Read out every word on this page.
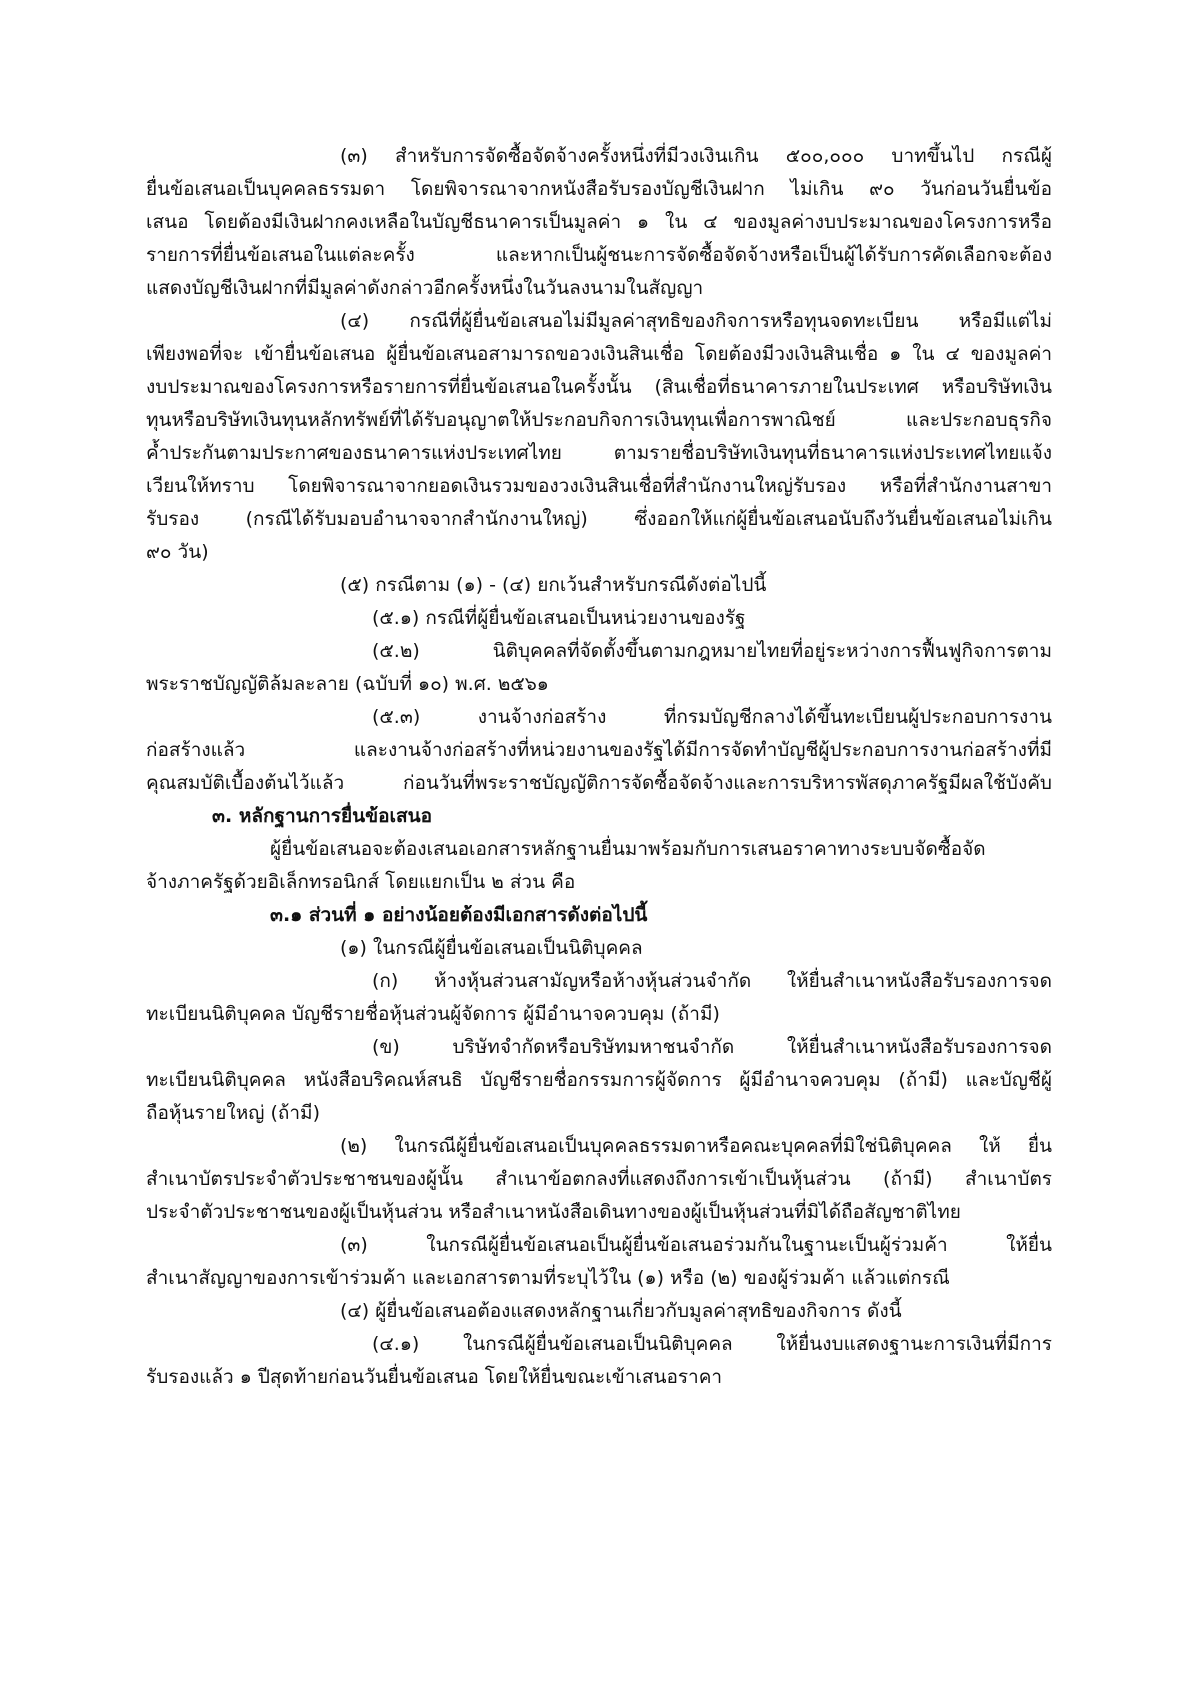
(๓) สำหรับการจัดซื้อจัดจ้างครั้งหนึ่งที่มีวงเงินเกิน ๕๐๐,๐๐๐ บาทขึ้นไป กรณีผู้
ยื่นข้อเสนอเป็นบุคคลธรรมดา โดยพิจารณาจากหนังสือรับรองบัญชีเงินฝาก ไม่เกิน ๙๐ วันก่อนวันยื่นข้อ
เสนอ โดยต้องมีเงินฝากคงเหลือในบัญชีธนาคารเป็นมูลค่า ๑ ใน ๔ ของมูลค่างบประมาณของโครงการหรือ
รายการที่ยื่นข้อเสนอในแต่ละครั้ง และหากเป็นผู้ชนะการจัดซื้อจัดจ้างหรือเป็นผู้ได้รับการคัดเลือกจะต้อง
แสดงบัญชีเงินฝากที่มีมูลค่าดังกล่าวอีกครั้งหนึ่งในวันลงนามในสัญญา
(๔) กรณีที่ผู้ยื่นข้อเสนอไม่มีมูลค่าสุทธิของกิจการหรือทุนจดทะเบียน หรือมีแต่ไม่
เพียงพอที่จะ เข้ายื่นข้อเสนอ ผู้ยื่นข้อเสนอสามารถขอวงเงินสินเชื่อ โดยต้องมีวงเงินสินเชื่อ ๑ ใน ๔ ของมูลค่า
งบประมาณของโครงการหรือรายการที่ยื่นข้อเสนอในครั้งนั้น (สินเชื่อที่ธนาคารภายในประเทศ หรือบริษัทเงิน
ทุนหรือบริษัทเงินทุนหลักทรัพย์ที่ได้รับอนุญาตให้ประกอบกิจการเงินทุนเพื่อการพาณิชย์ และประกอบธุรกิจ
ค้ำประกันตามประกาศของธนาคารแห่งประเทศไทย ตามรายชื่อบริษัทเงินทุนที่ธนาคารแห่งประเทศไทยแจ้ง
เวียนให้ทราบ โดยพิจารณาจากยอดเงินรวมของวงเงินสินเชื่อที่สำนักงานใหญ่รับรอง หรือที่สำนักงานสาขา
รับรอง (กรณีได้รับมอบอำนาจจากสำนักงานใหญ่) ซึ่งออกให้แก่ผู้ยื่นข้อเสนอนับถึงวันยื่นข้อเสนอไม่เกิน
๙๐ วัน)
(๕) กรณีตาม (๑) - (๔) ยกเว้นสำหรับกรณีดังต่อไปนี้
(๕.๑) กรณีที่ผู้ยื่นข้อเสนอเป็นหน่วยงานของรัฐ
(๕.๒) นิติบุคคลที่จัดตั้งขึ้นตามกฎหมายไทยที่อยู่ระหว่างการฟื้นฟูกิจการตาม
พระราชบัญญัติล้มละลาย (ฉบับที่ ๑๐) พ.ศ. ๒๕๖๑
(๕.๓) งานจ้างก่อสร้าง ที่กรมบัญชีกลางได้ขึ้นทะเบียนผู้ประกอบการงาน
ก่อสร้างแล้ว และงานจ้างก่อสร้างที่หน่วยงานของรัฐได้มีการจัดทำบัญชีผู้ประกอบการงานก่อสร้างที่มี
คุณสมบัติเบื้องต้นไว้แล้ว ก่อนวันที่พระราชบัญญัติการจัดซื้อจัดจ้างและการบริหารพัสดุภาครัฐมีผลใช้บังคับ
๓. หลักฐานการยื่นข้อเสนอ
ผู้ยื่นข้อเสนอจะต้องเสนอเอกสารหลักฐานยื่นมาพร้อมกับการเสนอราคาทางระบบจัดซื้อจัด
จ้างภาครัฐด้วยอิเล็กทรอนิกส์ โดยแยกเป็น ๒ ส่วน คือ
๓.๑ ส่วนที่ ๑ อย่างน้อยต้องมีเอกสารดังต่อไปนี้
(๑) ในกรณีผู้ยื่นข้อเสนอเป็นนิติบุคคล
(ก) ห้างหุ้นส่วนสามัญหรือห้างหุ้นส่วนจำกัด ให้ยื่นสำเนาหนังสือรับรองการจด
ทะเบียนนิติบุคคล บัญชีรายชื่อหุ้นส่วนผู้จัดการ ผู้มีอำนาจควบคุม (ถ้ามี)
(ข) บริษัทจำกัดหรือบริษัทมหาชนจำกัด ให้ยื่นสำเนาหนังสือรับรองการจด
ทะเบียนนิติบุคคล หนังสือบริคณห์สนธิ บัญชีรายชื่อกรรมการผู้จัดการ ผู้มีอำนาจควบคุม (ถ้ามี) และบัญชีผู้
ถือหุ้นรายใหญ่ (ถ้ามี)
(๒) ในกรณีผู้ยื่นข้อเสนอเป็นบุคคลธรรมดาหรือคณะบุคคลที่มิใช่นิติบุคคล ให้ ยื่น
สำเนาบัตรประจำตัวประชาชนของผู้นั้น สำเนาข้อตกลงที่แสดงถึงการเข้าเป็นหุ้นส่วน (ถ้ามี) สำเนาบัตร
ประจำตัวประชาชนของผู้เป็นหุ้นส่วน หรือสำเนาหนังสือเดินทางของผู้เป็นหุ้นส่วนที่มิได้ถือสัญชาติไทย
(๓) ในกรณีผู้ยื่นข้อเสนอเป็นผู้ยื่นข้อเสนอร่วมกันในฐานะเป็นผู้ร่วมค้า ให้ยื่น
สำเนาสัญญาของการเข้าร่วมค้า และเอกสารตามที่ระบุไว้ใน (๑) หรือ (๒) ของผู้ร่วมค้า แล้วแต่กรณี
(๔) ผู้ยื่นข้อเสนอต้องแสดงหลักฐานเกี่ยวกับมูลค่าสุทธิของกิจการ ดังนี้
(๔.๑) ในกรณีผู้ยื่นข้อเสนอเป็นนิติบุคคล ให้ยื่นงบแสดงฐานะการเงินที่มีการ
รับรองแล้ว ๑ ปีสุดท้ายก่อนวันยื่นข้อเสนอ โดยให้ยื่นขณะเข้าเสนอราคา
